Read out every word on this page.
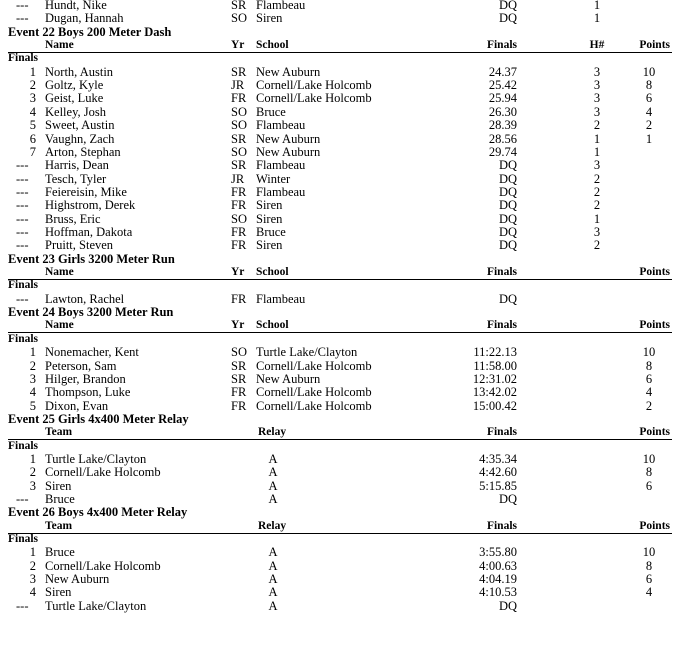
--- Hundt, Nike	SR Flambeau	DQ	1
--- Dugan, Hannah	SO Siren	DQ	1
Event 22 Boys 200 Meter Dash
Name	Yr School	Finals	H#	Points
Finals
1 North, Austin	SR New Auburn	24.37	3	10
2 Goltz, Kyle	JR Cornell/Lake Holcomb	25.42	3	8
3 Geist, Luke	FR Cornell/Lake Holcomb	25.94	3	6
4 Kelley, Josh	SO Bruce	26.30	3	4
5 Sweet, Austin	SO Flambeau	28.39	2	2
6 Vaughn, Zach	SR New Auburn	28.56	1	1
7 Arton, Stephan	SO New Auburn	29.74	1
--- Harris, Dean	SR Flambeau	DQ	3
--- Tesch, Tyler	JR Winter	DQ	2
--- Feiereisin, Mike	FR Flambeau	DQ	2
--- Highstrom, Derek	FR Siren	DQ	2
--- Bruss, Eric	SO Siren	DQ	1
--- Hoffman, Dakota	FR Bruce	DQ	3
--- Pruitt, Steven	FR Siren	DQ	2
Event 23 Girls 3200 Meter Run
Name	Yr School	Finals	Points
Finals
--- Lawton, Rachel	FR Flambeau	DQ
Event 24 Boys 3200 Meter Run
Name	Yr School	Finals	Points
Finals
1 Nonemacher, Kent	SO Turtle Lake/Clayton	11:22.13	10
2 Peterson, Sam	SR Cornell/Lake Holcomb	11:58.00	8
3 Hilger, Brandon	SR New Auburn	12:31.02	6
4 Thompson, Luke	FR Cornell/Lake Holcomb	13:42.02	4
5 Dixon, Evan	FR Cornell/Lake Holcomb	15:00.42	2
Event 25 Girls 4x400 Meter Relay
Team	Relay	Finals	Points
Finals
1 Turtle Lake/Clayton	A	4:35.34	10
2 Cornell/Lake Holcomb	A	4:42.60	8
3 Siren	A	5:15.85	6
--- Bruce	A	DQ
Event 26 Boys 4x400 Meter Relay
Team	Relay	Finals	Points
Finals
1 Bruce	A	3:55.80	10
2 Cornell/Lake Holcomb	A	4:00.63	8
3 New Auburn	A	4:04.19	6
4 Siren	A	4:10.53	4
--- Turtle Lake/Clayton	A	DQ
